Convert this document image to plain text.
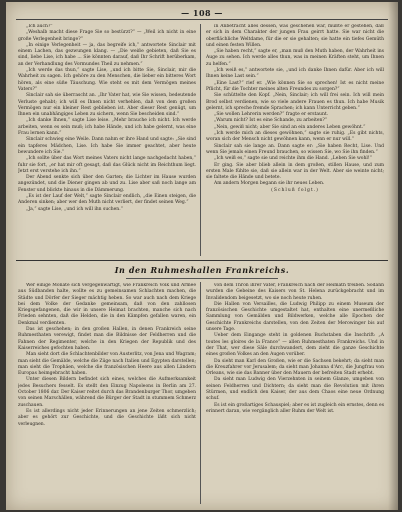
— 108 —

„Ich auch?“

„Weshalb macht diese Frage Sie so bestürzt?“ — „Weil ich nicht in eine große Verlegenheit bringe?“

„In einige Verlegenheit — ja, das begreife ich,“ antwortete Sinclair mit einem Lachen, das gezwungen klang. — „Die weiße gebieten, daß Sie es sind, liebe Lise, ich habe ... Sie könnten darauf, daß Ihr Schrift herüberkam, an der Verhandlung des Vormundes Theil zu nehmen.“

„Ich werde das thun,“ sagte Lise, „und ich bitte Sie, Sinclair, mir die Wahrheit zu sagen. Ich gehöre zu den Menschen, die lieber ein bitteres Wort hören, als eine süße Täuschung. Wie steht es mit dem Vermögen meines Vaters?“

Sinclair sah sie überrascht an. „Ihr Vater hat, wie Sie wissen, bedeutende Verluste gehabt; ich will es Ihnen nicht verhehlen, daß von dem großen Vermögen nur ein kleiner Rest geblieben ist. Aber dieser Rest genügt, um Ihnen ein unabhängiges Leben zu sichern, wenn Sie bescheiden sind.“

„Ich danke Ihnen,“ sagte Lise leise. „Mehr brauche ich nicht. Ich werde arbeiten, wenn es sein muß; ich habe Hände, und ich habe gelernt, was eine Frau lernen kann.“

Sinclair schwieg eine Weile. Dann nahm er ihre Hand und sagte: „Sie sind ein tapferes Mädchen, Lise. Ich habe Sie immer geachtet, aber heute bewundere ich Sie.“

„Ich sollte über das Wort meines Vaters nicht lange nachgedacht haben,“ fuhr sie fort, „er hat mir oft gesagt, daß das Glück nicht im Reichthum liegt. Jetzt erst verstehe ich ihn.“

Der Abend senkte sich über den Garten; die Lichter im Hause wurden angezündet, und die Diener gingen ab und zu. Lise aber saß noch lange am Fenster und blickte hinaus in die Dämmerung.

„Es ist der Lauf der Welt,“ sagte Sinclair endlich, „die Einen steigen, die Anderen sinken; aber wer den Muth nicht verliert, der findet seinen Weg.“

„Ja,“ sagte Lise, „und ich will ihn suchen.“

in Anbetracht alles dessen, was geschehen war, mußte er gestehen, daß er sich in dem Charakter der jungen Frau geirrt hatte. Sie war nicht die oberflächliche Weltdame, für die er sie gehalten; sie hatte ein tiefes Gemüth und einen festen Willen.

„Sie haben recht,“ sagte er, „man muß den Muth haben, der Wahrheit ins Auge zu sehen. Ich werde alles thun, was in meinen Kräften steht, um Ihnen zu helfen.“

„Ich weiß es,“ antwortete sie, „und ich danke Ihnen dafür. Aber ich will Ihnen keine Last sein.“

„Eine Last?“ rief er. „Wie können Sie so sprechen! Ist es nicht meine Pflicht, für die Tochter meines alten Freundes zu sorgen?“

Sie schüttelte den Kopf. „Nein, Sinclair; ich will frei sein. Ich will mein Brod selbst verdienen, wie so viele andere Frauen es thun. Ich habe Musik gelernt, ich spreche fremde Sprachen; ich kann Unterricht geben.“

„Sie wollen Lehrerin werden?“ fragte er erstaunt.

„Warum nicht? Ist es eine Schande, zu arbeiten?“

„Nein, gewiß nicht; aber Sie sind an ein anderes Leben gewöhnt.“

„Ich werde mich an dieses gewöhnen,“ sagte sie ruhig. „Es gibt nichts, woran sich der Mensch nicht gewöhnen kann, wenn er nur will.“

Sinclair sah sie lange an. Dann sagte er: „Sie haben Recht, Lise. Und wenn Sie jemals einen Freund brauchen, so wissen Sie, wo Sie ihn finden.“

„Ich weiß es,“ sagte sie und reichte ihm die Hand. „Leben Sie wohl!“

Er ging. Sie aber blieb allein in dem großen, stillen Hause, und zum ersten Male fühlte sie, daß sie allein war in der Welt. Aber sie weinte nicht; sie faltete die Hände und betete.

Am andern Morgen begann sie ihr neues Leben.

(Schluß folgt.)

In den Ruhmeshallen Frankreichs.

Wer einige Monate sich vergegenwärtigt, wie Frankreich Volk und Armee aus Südbanden halte, wollte es zu gemeinsamen Schlachten machen, die Städte und Dörfer der Sieger mächtig heben. So war auch nach dem Kriege bei dem Volke der Gedanke gemeinsam, daß von den zahllosen Kriegsgefangenen, die wir in unsere Heimat brachten, manche sich nach Frieden sehnten, daß die Helden, die in den Kämpfen gefallen waren, ein Denkmal verdienten.

Das ist geschehen; in den großen Hallen, in denen Frankreich seine Ruhmesthaten verewigt, findet man die Bildnisse der Feldherren und die Fahnen der Regimenter, welche in den Kriegen der Republik und des Kaiserreiches gefochten haben.

Man sieht dort die Schlachtenbilder von Austerlitz, von Jena und Wagram; man sieht die Gemälde, welche die Züge nach Italien und Egypten darstellen; man sieht die Trophäen, welche die französischen Heere aus allen Ländern Europas heimgebracht haben.

Unter diesen Bildern befindet sich eines, welches die Aufmerksamkeit jedes Besuchers fesselt. Es stellt den Einzug Napoleons in Berlin am 27. October 1806 dar. Der Kaiser reitet durch das Brandenburger Thor, umgeben von seinen Marschällen, während die Bürger der Stadt in stummem Schmerz zuschauen.

Es ist allerdings nicht jeder Erinnerungen an jene Zeiten schmerzlich; aber es gehört zur Geschichte, und die Geschichte läßt sich nicht verleugnen.

von dem Thron ihrer Väter, Frankreich nach der Heimath treiben. Sodann wurden die Gebeine des Kaisers von St. Helena zurückgebracht und im Invalidendom beigesetzt, wo sie noch heute ruhen.

Die Hallen von Versailles, die Ludwig Philipp zu einem Museum der französischen Geschichte umgestaltet hat, enthalten eine unermeßliche Sammlung von Gemälden und Bildwerken, welche alle Epochen der Geschichte Frankreichs darstellen, von den Zeiten der Merowinger bis auf unsere Tage.

Ueber dem Eingange steht in goldenen Buchstaben die Inschrift: „A toutes les gloires de la France“ — allen Ruhmesthaten Frankreichs. Und in der That, wer diese Säle durchwandert, dem zieht die ganze Geschichte eines großen Volkes an den Augen vorüber.

Da sieht man Karl den Großen, wie er die Sachsen bekehrt; da sieht man die Kreuzfahrer vor Jerusalem; da sieht man Johanna d'Arc, die Jungfrau von Orleans, wie sie das Banner über den Mauern der befreiten Stadt erhebt.

Da sieht man Ludwig den Vierzehnten in seinem Glanze, umgeben von seinen Feldherren und Dichtern; da sieht man die Revolution mit ihren Stürmen, und endlich den Kaiser, der aus dem Chaos eine neue Ordnung schuf.

Es ist ein großartiges Schauspiel; aber es ist zugleich ein ernstes, denn es erinnert daran, wie vergänglich aller Ruhm der Welt ist.
